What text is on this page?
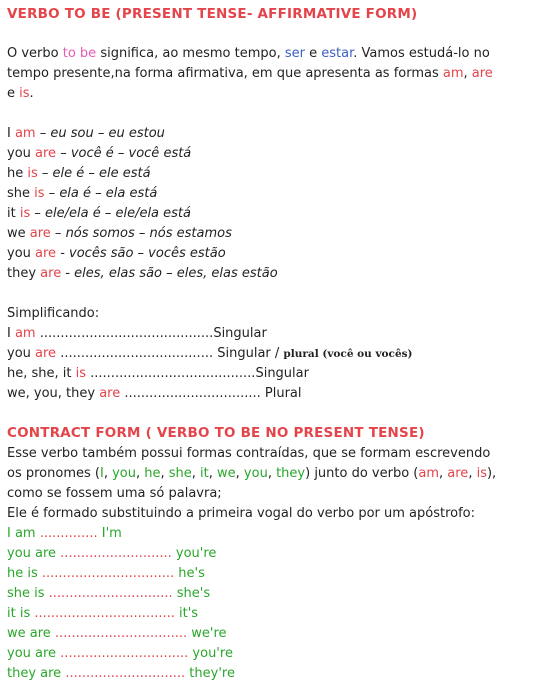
VERBO TO BE (PRESENT TENSE- AFFIRMATIVE FORM)
O verbo to be significa, ao mesmo tempo, ser e estar. Vamos estudá-lo no
tempo presente,na forma afirmativa, em que apresenta as formas am, are
e is.
I am – eu sou – eu estou
you are – você é – você está
he is – ele é – ele está
she is – ela é – ela está
it is – ele/ela é – ele/ela está
we are – nós somos – nós estamos
you are - vocês são – vocês estão
they are - eles, elas são – eles, elas estão
Simplificando:
I am ..........................................Singular
you are ..................................... Singular / plural (você ou vocês)
he, she, it is ........................................Singular
we, you, they are ................................. Plural
CONTRACT FORM ( VERBO TO BE NO PRESENT TENSE)
Esse verbo também possui formas contraídas, que se formam escrevendo
os pronomes (I, you, he, she, it, we, you, they) junto do verbo (am, are, is),
como se fossem uma só palavra;
Ele é formado substituindo a primeira vogal do verbo por um apóstrofo:
I am .............. I'm
you are ........................... you're
he is ................................ he's
she is .............................. she's
it is .................................. it's
we are ................................ we're
you are ............................... you're
they are ............................. they're
